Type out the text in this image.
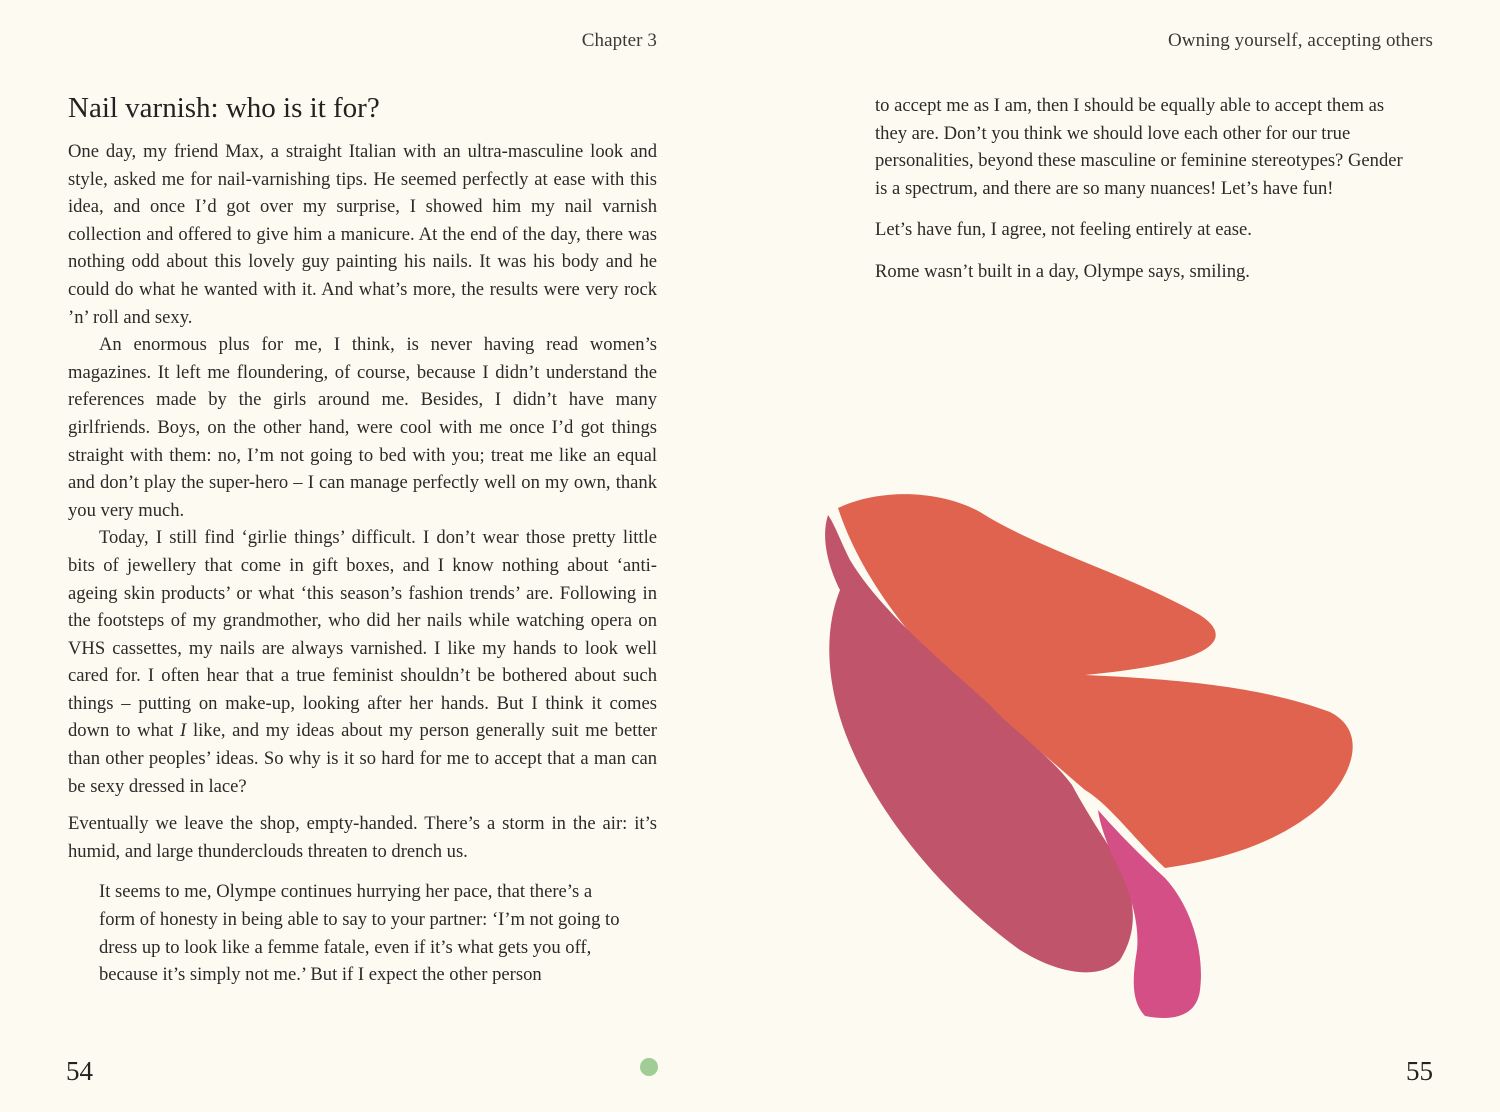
Chapter 3
Nail varnish: who is it for?

One day, my friend Max, a straight Italian with an ultra-masculine look and style, asked me for nail-varnishing tips. He seemed perfectly at ease with this idea, and once I’d got over my surprise, I showed him my nail varnish collection and offered to give him a manicure. At the end of the day, there was nothing odd about this lovely guy painting his nails. It was his body and he could do what he wanted with it. And what’s more, the results were very rock ’n’ roll and sexy.

An enormous plus for me, I think, is never having read women’s magazines. It left me floundering, of course, because I didn’t understand the references made by the girls around me. Besides, I didn’t have many girlfriends. Boys, on the other hand, were cool with me once I’d got things straight with them: no, I’m not going to bed with you; treat me like an equal and don’t play the super-hero – I can manage perfectly well on my own, thank you very much.

Today, I still find ‘girlie things’ difficult. I don’t wear those pretty little bits of jewellery that come in gift boxes, and I know nothing about ‘anti-ageing skin products’ or what ‘this season’s fashion trends’ are. Following in the footsteps of my grandmother, who did her nails while watching opera on VHS cassettes, my nails are always varnished. I like my hands to look well cared for. I often hear that a true feminist shouldn’t be bothered about such things – putting on make-up, looking after her hands. But I think it comes down to what I like, and my ideas about my person generally suit me better than other peoples’ ideas. So why is it so hard for me to accept that a man can be sexy dressed in lace?

Eventually we leave the shop, empty-handed. There’s a storm in the air: it’s humid, and large thunderclouds threaten to drench us.

It seems to me, Olympe continues hurrying her pace, that there’s a form of honesty in being able to say to your partner: ‘I’m not going to dress up to look like a femme fatale, even if it’s what gets you off, because it’s simply not me.’ But if I expect the other person

54
Owning yourself, accepting others

to accept me as I am, then I should be equally able to accept them as they are. Don’t you think we should love each other for our true personalities, beyond these masculine or feminine stereotypes? Gender is a spectrum, and there are so many nuances! Let’s have fun!

Let’s have fun, I agree, not feeling entirely at ease.

Rome wasn’t built in a day, Olympe says, smiling.

55
